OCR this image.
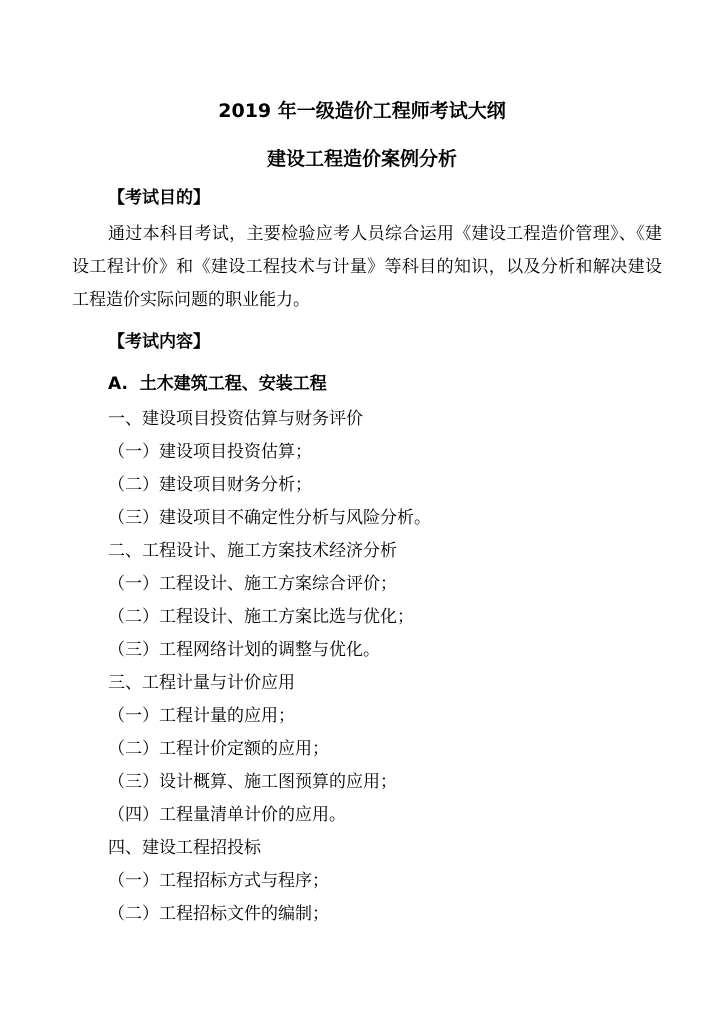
2019 年一级造价工程师考试大纲
建设工程造价案例分析
【考试目的】

通过本科目考试，主要检验应考人员综合运用《建设工程造价管理》、《建设工程计价》和《建设工程技术与计量》等科目的知识，以及分析和解决建设工程造价实际问题的职业能力。

【考试内容】
A.  土木建筑工程、安装工程
一、建设项目投资估算与财务评价
（一）建设项目投资估算；
（二）建设项目财务分析；
（三）建设项目不确定性分析与风险分析。
二、工程设计、施工方案技术经济分析
（一）工程设计、施工方案综合评价；
（二）工程设计、施工方案比选与优化；
（三）工程网络计划的调整与优化。
三、工程计量与计价应用
（一）工程计量的应用；
（二）工程计价定额的应用；
（三）设计概算、施工图预算的应用；
（四）工程量清单计价的应用。
四、建设工程招投标
（一）工程招标方式与程序；
（二）工程招标文件的编制；
